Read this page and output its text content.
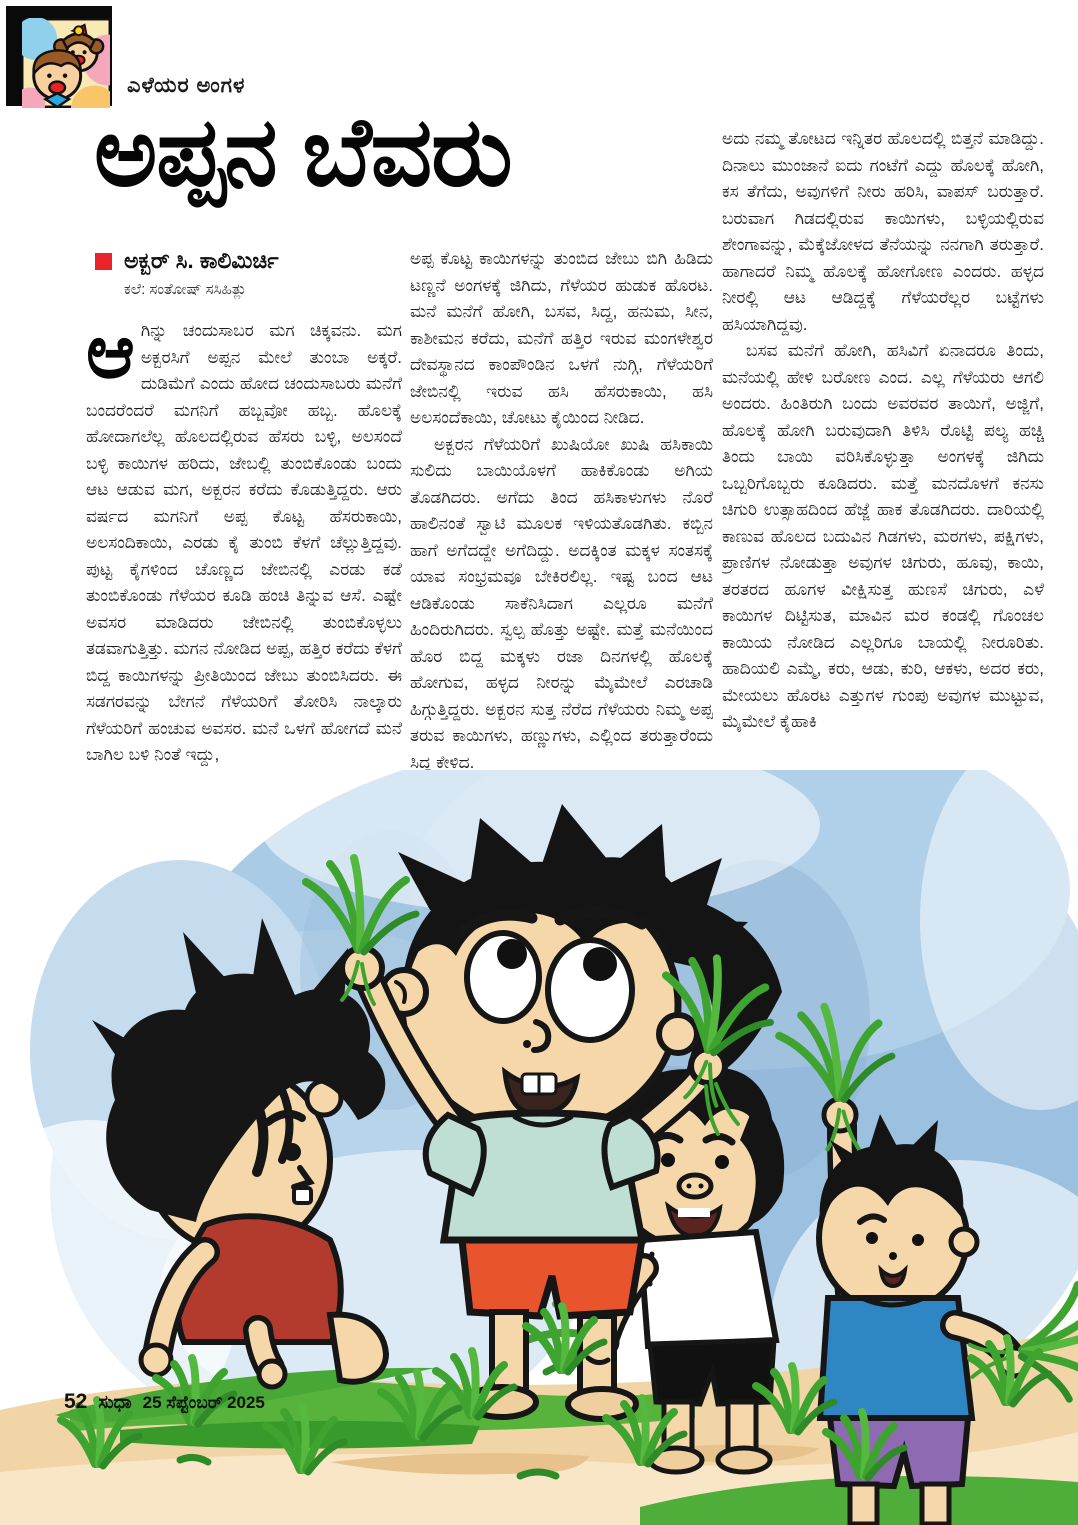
ಎಳೆಯರ ಅಂಗಳ
ಅಪ್ಪನ ಬೆವರು
ಅಕ್ಬರ್ ಸಿ. ಕಾಲಿಮಿರ್ಚಿ
ಕಲೆ: ಸಂತೋಷ್ ಸಸಿಹಿತ್ಲು

ಆಗಿನ್ನು ಚಂದುಸಾಬರ ಮಗ ಚಿಕ್ಕವನು. ಮಗ ಅಕ್ಬರಸಿಗೆ ಅಪ್ಪನ ಮೇಲೆ ತುಂಬಾ ಅಕ್ಕರೆ. ದುಡಿಮೆಗೆ ಎಂದು ಹೋದ ಚಂದುಸಾಬರು ಮನೆಗೆ ಬಂದರೆಂದರೆ ಮಗನಿಗೆ ಹಬ್ಬವೋ ಹಬ್ಬ. ಹೊಲಕ್ಕೆ ಹೋದಾಗಲೆಲ್ಲ ಹೊಲದಲ್ಲಿರುವ ಹೆಸರು ಬಳ್ಳಿ, ಅಲಸಂದೆ ಬಳ್ಳಿ ಕಾಯಿಗಳ ಹರಿದು, ಜೇಬಲ್ಲಿ ತುಂಬಿಕೊಂಡು ಬಂದು ಆಟ ಆಡುವ ಮಗ, ಅಕ್ಬರನ ಕರೆದು ಕೊಡುತ್ತಿದ್ದರು. ಆರು ವರ್ಷದ ಮಗನಿಗೆ ಅಪ್ಪ ಕೊಟ್ಟ ಹೆಸರುಕಾಯಿ, ಅಲಸಂದಿಕಾಯಿ, ಎರಡು ಕೈ ತುಂಬಿ ಕೆಳಗೆ ಚೆಲ್ಲುತ್ತಿದ್ದವು. ಪುಟ್ಟ ಕೈಗಳಿಂದ ಚೊಣ್ಣದ ಜೇಬಿನಲ್ಲಿ ಎರಡು ಕಡೆ ತುಂಬಿಕೊಂಡು ಗೆಳೆಯರ ಕೂಡಿ ಹಂಚಿ ತಿನ್ನುವ ಆಸೆ. ಎಷ್ಟೇ ಅವಸರ ಮಾಡಿದರು ಜೇಬಿನಲ್ಲಿ ತುಂಬಿಕೊಳ್ಳಲು ತಡವಾಗುತ್ತಿತ್ತು. ಮಗನ ನೋಡಿದ ಅಪ್ಪ, ಹತ್ತಿರ ಕರೆದು ಕೆಳಗೆ ಬಿದ್ದ ಕಾಯಿಗಳನ್ನು ಪ್ರೀತಿಯಿಂದ ಜೇಬು ತುಂಬಿಸಿದರು. ಈ ಸಡಗರವನ್ನು ಬೇಗನೆ ಗೆಳೆಯರಿಗೆ ತೋರಿಸಿ ನಾಲ್ಕಾರು ಗೆಳೆಯರಿಗೆ ಹಂಚುವ ಅವಸರ. ಮನೆ ಒಳಗೆ ಹೋಗದೆ ಮನೆ ಬಾಗಿಲ ಬಳಿ ನಿಂತೆ ಇದ್ದು,

ಅಪ್ಪ ಕೊಟ್ಟ ಕಾಯಿಗಳನ್ನು ತುಂಬಿದ ಜೇಬು ಬಿಗಿ ಹಿಡಿದು ಟಣ್ಣನೆ ಅಂಗಳಕ್ಕೆ ಜಿಗಿದು, ಗೆಳೆಯರ ಹುಡುಕ ಹೊರಟ. ಮನೆ ಮನೆಗೆ ಹೋಗಿ, ಬಸವ, ಸಿದ್ದ, ಹನುಮ, ಸೀನ, ಕಾಶೀಮನ ಕರೆದು, ಮನೆಗೆ ಹತ್ತಿರ ಇರುವ ಮಂಗಳೇಶ್ವರ ದೇವಸ್ಥಾನದ ಕಾಂಪೌಂಡಿನ ಒಳಗೆ ನುಗ್ಗಿ, ಗೆಳೆಯರಿಗೆ ಜೇಬಿನಲ್ಲಿ ಇರುವ ಹಸಿ ಹೆಸರುಕಾಯಿ, ಹಸಿ ಅಲಸಂದೆಕಾಯಿ, ಚೋಟು ಕೈಯಿಂದ ನೀಡಿದ.

ಅಕ್ಬರನ ಗೆಳೆಯರಿಗೆ ಖುಷಿಯೋ ಖುಷಿ ಹಸಿಕಾಯಿ ಸುಲಿದು ಬಾಯಿಯೊಳಗೆ ಹಾಕಿಕೊಂಡು ಅಗಿಯ ತೊಡಗಿದರು. ಅಗೆದು ತಿಂದ ಹಸಿಕಾಳುಗಳು ನೊರೆ ಹಾಲಿನಂತೆ ಸ್ವಾಟಿ ಮೂಲಕ ಇಳಿಯತೊಡಗಿತು. ಕಬ್ಬಿನ ಹಾಗೆ ಅಗೆದದ್ದೇ ಅಗೆದಿದ್ದು. ಅದಕ್ಕಿಂತ ಮಕ್ಕಳ ಸಂತಸಕ್ಕೆ ಯಾವ ಸಂಭ್ರಮವೂ ಬೇಕಿರಲಿಲ್ಲ. ಇಷ್ಟ ಬಂದ ಆಟ ಆಡಿಕೊಂಡು ಸಾಕೆನಿಸಿದಾಗ ಎಲ್ಲರೂ ಮನೆಗೆ ಹಿಂದಿರುಗಿದರು. ಸ್ವಲ್ಪ ಹೊತ್ತು ಅಷ್ಟೇ. ಮತ್ತೆ ಮನೆಯಿಂದ ಹೊರ ಬಿದ್ದ ಮಕ್ಕಳು ರಜಾ ದಿನಗಳಲ್ಲಿ ಹೊಲಕ್ಕೆ ಹೋಗುವ, ಹಳ್ಳದ ನೀರನ್ನು ಮೈಮೇಲೆ ಎರಚಾಡಿ ಹಿಗ್ಗುತ್ತಿದ್ದರು. ಅಕ್ಬರನ ಸುತ್ತ ನೆರೆದ ಗೆಳೆಯರು ನಿಮ್ಮ ಅಪ್ಪ ತರುವ ಕಾಯಿಗಳು, ಹಣ್ಣುಗಳು, ಎಲ್ಲಿಂದ ತರುತ್ತಾರೆಂದು ಸಿದ್ಧ ಕೇಳಿದ.

ಅದು ನಮ್ಮ ತೋಟದ ಇನ್ನಿತರ ಹೊಲದಲ್ಲಿ ಬಿತ್ತನೆ ಮಾಡಿದ್ದು. ದಿನಾಲು ಮುಂಜಾನೆ ಐದು ಗಂಟೆಗೆ ಎದ್ದು ಹೊಲಕ್ಕೆ ಹೋಗಿ, ಕಸ ತೆಗೆದು, ಅವುಗಳಿಗೆ ನೀರು ಹರಿಸಿ, ವಾಪಸ್ ಬರುತ್ತಾರೆ. ಬರುವಾಗ ಗಿಡದಲ್ಲಿರುವ ಕಾಯಿಗಳು, ಬಳ್ಳಿಯಲ್ಲಿರುವ ಶೇಂಗಾವನ್ನು, ಮೆಕ್ಕೆಜೋಳದ ತೆನೆಯನ್ನು ನನಗಾಗಿ ತರುತ್ತಾರೆ. ಹಾಗಾದರೆ ನಿಮ್ಮ ಹೊಲಕ್ಕೆ ಹೋಗೋಣ ಎಂದರು. ಹಳ್ಳದ ನೀರಲ್ಲಿ ಆಟ ಆಡಿದ್ದಕ್ಕೆ ಗೆಳೆಯರೆಲ್ಲರ ಬಟ್ಟೆಗಳು ಹಸಿಯಾಗಿದ್ದವು.

ಬಸವ ಮನೆಗೆ ಹೋಗಿ, ಹಸಿವಿಗೆ ಏನಾದರೂ ತಿಂದು, ಮನೆಯಲ್ಲಿ ಹೇಳಿ ಬರೋಣ ಎಂದ. ಎಲ್ಲ ಗೆಳೆಯರು ಆಗಲಿ ಅಂದರು. ಹಿಂತಿರುಗಿ ಬಂದು ಅವರವರ ತಾಯಿಗೆ, ಅಜ್ಜಿಗೆ, ಹೊಲಕ್ಕೆ ಹೋಗಿ ಬರುವುದಾಗಿ ತಿಳಿಸಿ ರೊಟ್ಟಿ ಪಲ್ಯ ಹಚ್ಚಿ ತಿಂದು ಬಾಯಿ ವರಿಸಿಕೊಳ್ಳುತ್ತಾ ಅಂಗಳಕ್ಕೆ ಜಿಗಿದು ಒಬ್ಬರಿಗೊಬ್ಬರು ಕೂಡಿದರು. ಮತ್ತೆ ಮನದೊಳಗೆ ಕನಸು ಚಿಗುರಿ ಉತ್ಸಾಹದಿಂದ ಹೆಜ್ಜೆ ಹಾಕ ತೊಡಗಿದರು. ದಾರಿಯಲ್ಲಿ ಕಾಣುವ ಹೊಲದ ಬದುವಿನ ಗಿಡಗಳು, ಮರಗಳು, ಪಕ್ಷಿಗಳು, ಪ್ರಾಣಿಗಳ ನೋಡುತ್ತಾ ಅವುಗಳ ಚಿಗುರು, ಹೂವು, ಕಾಯಿ, ತರತರದ ಹೂಗಳ ವೀಕ್ಷಿಸುತ್ತ ಹುಣಸೆ ಚಿಗುರು, ಎಳೆ ಕಾಯಿಗಳ ದಿಟ್ಟಿಸುತ, ಮಾವಿನ ಮರ ಕಂಡಲ್ಲಿ ಗೊಂಚಲ ಕಾಯಿಯ ನೋಡಿದ ಎಲ್ಲರಿಗೂ ಬಾಯಲ್ಲಿ ನೀರೂರಿತು. ಹಾದಿಯಲಿ ಎಮ್ಮೆ, ಕರು, ಆಡು, ಕುರಿ, ಆಕಳು, ಅದರ ಕರು, ಮೇಯಲು ಹೊರಟ ಎತ್ತುಗಳ ಗುಂಪು ಅವುಗಳ ಮುಟ್ಟುವ, ಮೈಮೇಲೆ ಕೈಹಾಕಿ

52 ಸುಧಾ 25 ಸೆಪ್ಟೆಂಬರ್ 2025
